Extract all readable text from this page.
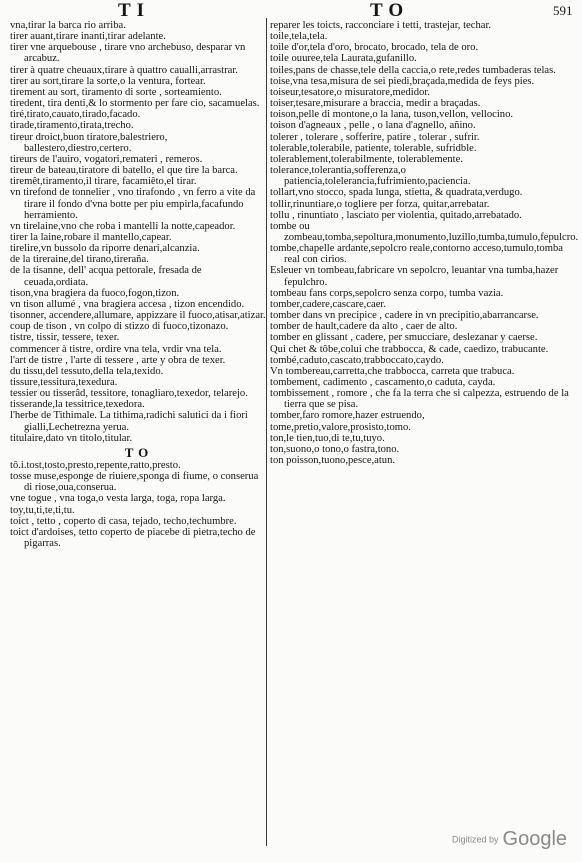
TI	TO	591

vna,tirar la barca rio arriba.

tirer auant,tirare inanti,tirar adelante.

tirer vne arquebouse , tirare vno archebuso, desparar vn arcabuz.

tirer à quatre cheuaux,tirare à quattro caualli,arrastrar.

tirer au sort,tirare la sorte,o la ventura, fortear.

tirement au sort, tiramento di sorte , sorteamiento.

tiredent, tira denti,& lo stormento per fare cio, sacamuelas.

tiré,tirato,cauato,tirado,facado.

tirade,tiramento,tirata,trecho.

tireur droict,buon tiratore,balestriero, ballestero,diestro,certero.

tireurs de l'auiro, vogatori,remateri , remeros.

tireur de bateau,tiratore di batello, el que tire la barca.

tiremêt,tiramento,il tirare, facamiêto,el tirar.

vn tirefond de tonnelier , vno tirafondo , vn ferro a vite da tirare il fondo d'vna botte per piu empirla,facafundo herramiento.

vn tirelaine,vno che roba i mantelli la notte,capeador.

tirer la laine,robare il mantello,capear.

tirelire,vn bussolo da riporre denari,alcanzia.

de la tireraine,del tirano,tireraña.

de la tisanne, dell' acqua pettorale, fresada de ceuada,ordiata.

tison,vna bragiera da fuoco,fogon,tizon.

vn tison allumé , vna bragiera accesa , tizon encendido.

tisonner, accendere,allumare, appizzare il fuoco,atisar,atizar.

coup de tison , vn colpo di stizzo di fuoco,tizonazo.

tistre, tissir, tessere, texer.

commencer à tistre, ordire vna tela, vrdir vna tela.

l'art de tistre , l'arte di tessere , arte y obra de texer.

du tissu,del tessuto,della tela,texido.

tissure,tessitura,texedura.

tessier ou tisserâd, tessitore, tonagliaro,texedor, telarejo.

tisserande,la tessitrice,texedora.

l'herbe de Tithimale. La tithima,radichi salutici da i fiori gialli,Lechetrezna yerua.

titulaire,dato vn titolo,titular.

TO

tô.i.tost,tosto,presto,repente,ratto,presto.

tosse muse,esponge de riuiere,sponga di fiume, o conserua di riose,oua,conserua.

vne togue , vna toga,o vesta larga, toga, ropa larga.

toy,tu,ti,te,ti,tu.

toict , tetto , coperto di casa, tejado, techo,techumbre.

toict d'ardoises, tetto coperto de piacebe di pietra,techo de pigarras.

reparer les toicts, racconciare i tetti, trastejar, techar.

toile,tela,tela.

toile d'or,tela d'oro, brocato, brocado, tela de oro.

toile ouuree,tela Laurata,gufanillo.

toiles,pans de chasse,tele della caccia,o rete,redes tumbaderas telas.

toise,vna tesa,misura de sei piedi,braçada,medida de feys pies.

toiseur,tesatore,o misuratore,medidor.

toiser,tesare,misurare a braccia, medir a braçadas.

toison,pelle di montone,o la lana, tuson,vellon, vellocino.

toison d'agneaux , pelle , o lana d'agnello, añino.

tolerer , tolerare , sofferire, patire , tolerar , sufrir.

tolerable,tolerabile, patiente, tolerable, sufridble.

tolerablement,tolerabilmente, tolerablemente.

tolerance,tolerantia,sofferenza,o patiencia,tolelerancia,fufrimiento,paciencia.

tollart,vno stocco, spada lunga, stietta, & quadrata,verdugo.

tollir,rinuntiare,o togliere per forza, quitar,arrebatar.

tollu , rinuntiato , lasciato per violentia, quitado,arrebatado.

tombe ou zombeau,tomba,sepoltura,monumento,luzillo,tumba,tumulo,fepulcro.

tombe,chapelle ardante,sepolcro reale,contorno acceso,tumulo,tomba real con cirios.

Esleuer vn tombeau,fabricare vn sepolcro, leuantar vna tumba,hazer fepulchro.

tombeau fans corps,sepolcro senza corpo, tumba vazia.

tomber,cadere,cascare,caer.

tomber dans vn precipice , cadere in vn precipitio,abarrancarse.

tomber de hault,cadere da alto , caer de alto.

tomber en glissant , cadere, per smucciare, deslezanar y caerse.

Qui chet & tôbe,colui che trabbocca, & cade, caedizo, trabucante.

tombé,caduto,cascato,trabboccato,caydo.

Vn tombereau,carretta,che trabbocca, carreta que trabuca.

tombement, cadimento , cascamento,o caduta, cayda.

tombissement , romore , che fa la terra che si calpezza, estruendo de la tierra que se pisa.

tomber,faro romore,hazer estruendo,

tome,pretio,valore,prosisto,tomo.

ton,le tien,tuo,di te,tu,tuyo.

ton,suono,o tono,o fastra,tono.

ton poisson,tuono,pesce,atun.

Digitized by Google
